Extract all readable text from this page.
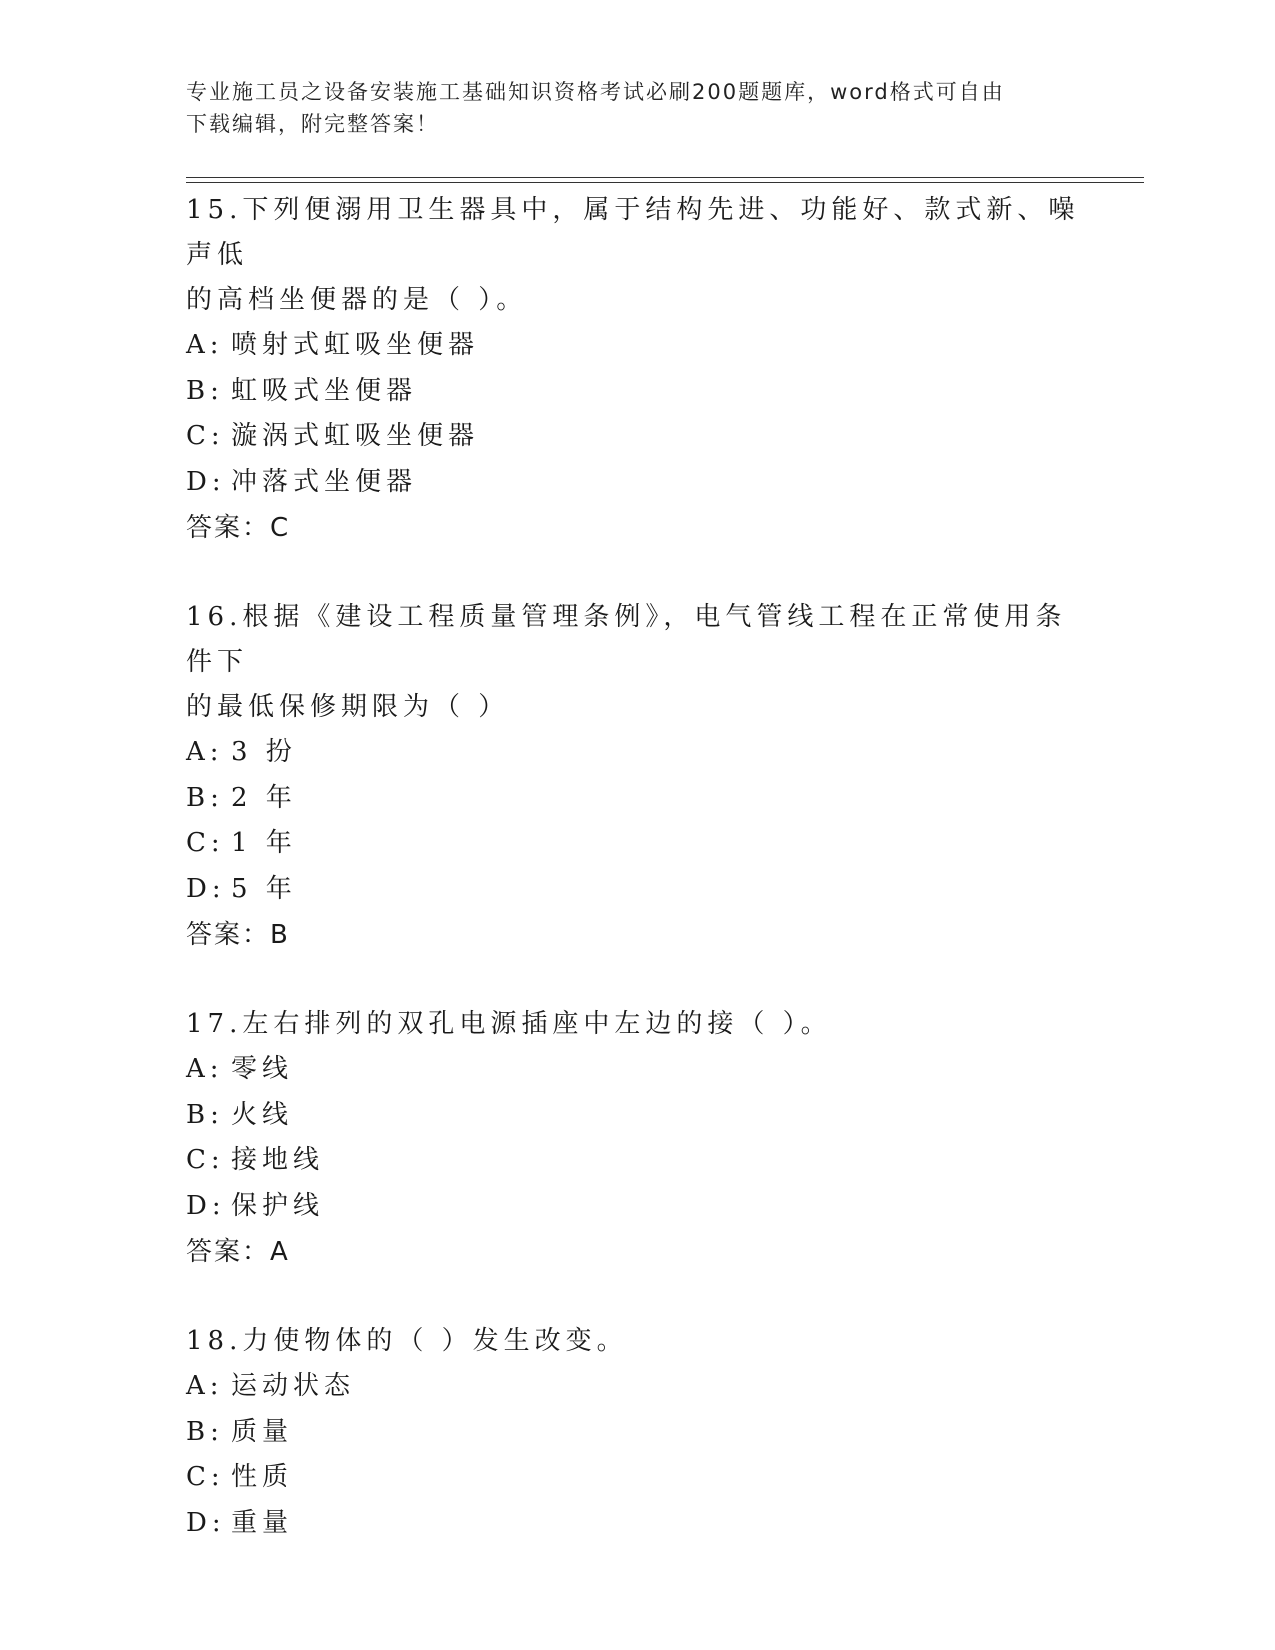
专业施工员之设备安装施工基础知识资格考试必刷200题题库，word格式可自由
下载编辑，附完整答案！
15.下列便溺用卫生器具中，属于结构先进、功能好、款式新、噪声低
的高档坐便器的是（ ）。
A: 喷射式虹吸坐便器
B: 虹吸式坐便器
C: 漩涡式虹吸坐便器
D: 冲落式坐便器
答案：C
16.根据《建设工程质量管理条例》，电气管线工程在正常使用条件下
的最低保修期限为（ ）
A: 3 扮
B: 2 年
C: 1 年
D: 5 年
答案：B
17.左右排列的双孔电源插座中左边的接（ ）。
A: 零线
B: 火线
C: 接地线
D: 保护线
答案：A
18.力使物体的（ ）发生改变。
A: 运动状态
B: 质量
C: 性质
D: 重量
